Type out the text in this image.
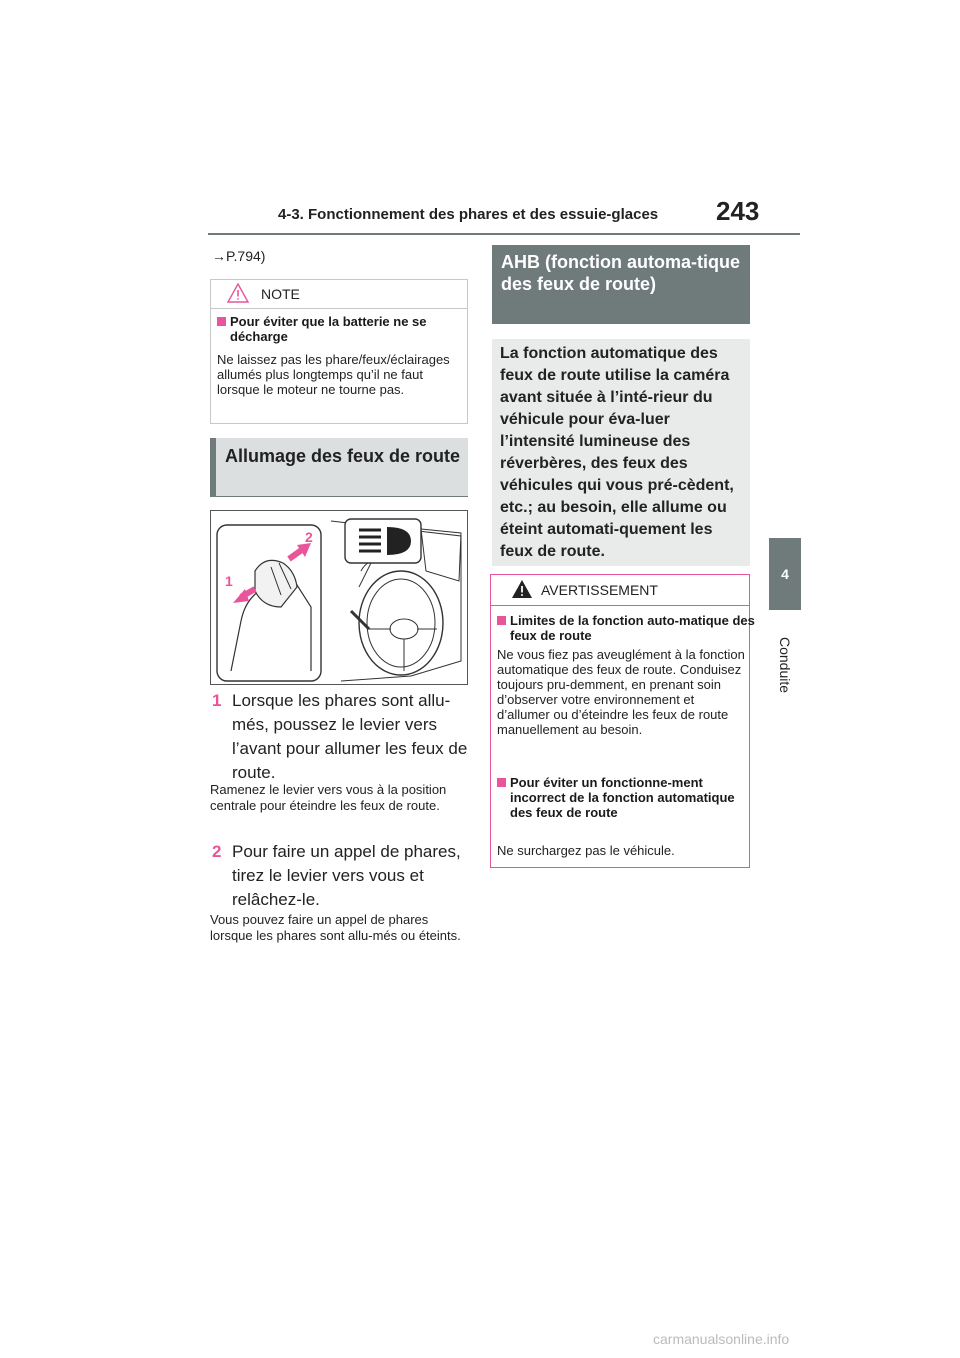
4-3. Fonctionnement des phares et des essuie-glaces 243
4
Conduite
→P.794)
NOTE
Pour éviter que la batterie ne se décharge
Ne laissez pas les phare/feux/éclairages allumés plus longtemps qu’il ne faut lorsque le moteur ne tourne pas.
Allumage des feux de route
1
2
1 Lorsque les phares sont allu-més, poussez le levier vers l’avant pour allumer les feux de route.
Ramenez le levier vers vous à la position centrale pour éteindre les feux de route.
2 Pour faire un appel de phares, tirez le levier vers vous et relâchez-le.
Vous pouvez faire un appel de phares lorsque les phares sont allu-més ou éteints.
AHB (fonction automa-tique des feux de route)
La fonction automatique des feux de route utilise la caméra avant située à l’inté-rieur du véhicule pour éva-luer l’intensité lumineuse des réverbères, des feux des véhicules qui vous pré-cèdent, etc.; au besoin, elle allume ou éteint automati-quement les feux de route.
AVERTISSEMENT
Limites de la fonction auto-matique des feux de route
Ne vous fiez pas aveuglément à la fonction automatique des feux de route. Conduisez toujours pru-demment, en prenant soin d’observer votre environnement et d’allumer ou d’éteindre les feux de route manuellement au besoin.
Pour éviter un fonctionne-ment incorrect de la fonction automatique des feux de route
Ne surchargez pas le véhicule.
carmanualsonline.info
